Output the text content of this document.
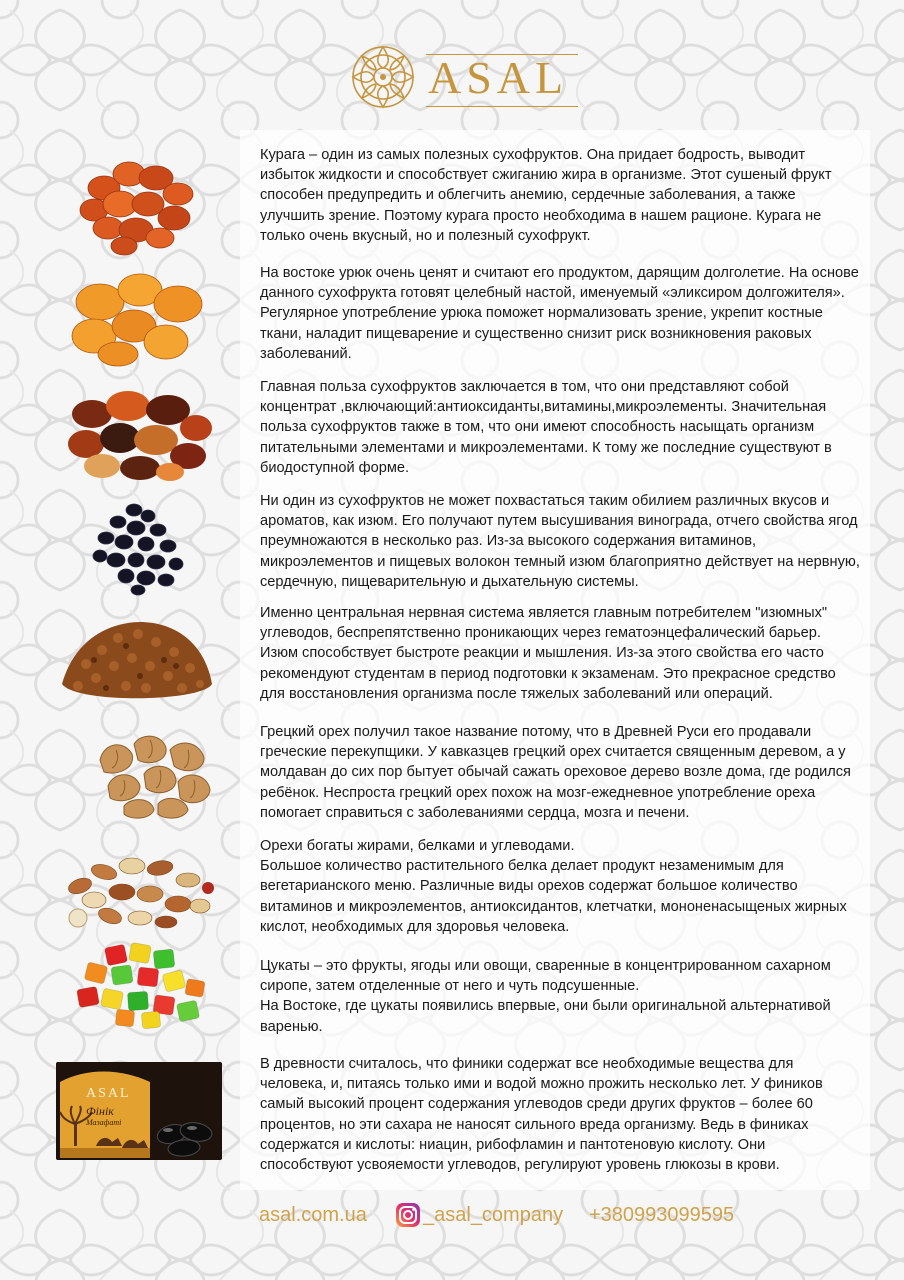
ASAL
ASAL
Фінік
Мазафаті

Курага – один из самых полезных сухофруктов. Она придает бодрость, выводит избыток жидкости и способствует сжиганию жира в организме. Этот сушеный фрукт способен предупредить и облегчить анемию, сердечные заболевания, а также улучшить зрение. Поэтому курага просто необходима в нашем рационе. Курага не только очень вкусный, но и полезный сухофрукт.

На востоке урюк очень ценят и считают его продуктом, дарящим долголетие. На основе данного сухофрукта готовят целебный настой, именуемый «эликсиром долгожителя». Регулярное употребление урюка поможет нормализовать зрение, укрепит костные ткани, наладит пищеварение и существенно снизит риск возникновения раковых заболеваний.

Главная польза сухофруктов заключается в том, что они представляют собой концентрат ,включающий:антиоксиданты,витамины,микроэлементы. Значительная польза сухофруктов также в том, что они имеют способность насыщать организм питательными элементами и микроэлементами. К тому же последние существуют в биодоступной форме.

Ни один из сухофруктов не может похвастаться таким обилием различных вкусов и ароматов, как изюм. Его получают путем высушивания винограда, отчего свойства ягод преумножаются в несколько раз. Из-за высокого содержания витаминов, микроэлементов и пищевых волокон темный изюм благоприятно действует на нервную, сердечную, пищеварительную и дыхательную системы.

Именно центральная нервная система является главным потребителем "изюмных" углеводов, беспрепятственно проникающих через гематоэнцефалический барьер. Изюм способствует быстроте реакции и мышления. Из-за этого свойства его часто рекомендуют студентам в период подготовки к экзаменам. Это прекрасное средство для восстановления организма после тяжелых заболеваний или операций.

Грецкий орех получил такое название потому, что в Древней Руси его продавали греческие перекупщики. У кавказцев грецкий орех считается священным деревом, а у молдаван до сих пор бытует обычай сажать ореховое дерево возле дома, где родился ребёнок. Неспроста грецкий орех похож на мозг-ежедневное употребление ореха помогает справиться с заболеваниями сердца, мозга и печени.

Орехи богаты жирами, белками и углеводами.

Большое количество растительного белка делает продукт незаменимым для вегетарианского меню. Различные виды орехов содержат большое количество витаминов и микроэлементов, антиоксидантов, клетчатки, мононенасыщеных жирных кислот, необходимых для здоровья человека.

Цукаты – это фрукты, ягоды или овощи, сваренные в концентрированном сахарном сиропе, затем отделенные от него и чуть подсушенные.

На Востоке, где цукаты появились впервые, они были оригинальной альтернативой варенью.

В древности считалось, что финики содержат все необходимые вещества для человека, и, питаясь только ими и водой можно прожить несколько лет. У фиников самый высокий процент содержания углеводов среди других фруктов – более 60 процентов, но эти сахара не наносят сильного вреда организму. Ведь в финиках содержатся и кислоты: ниацин, рибофламин и пантотеновую кислоту. Они способствуют усвояемости углеводов, регулируют уровень глюкозы в крови.

asal.com.ua	_asal_company +380993099595
